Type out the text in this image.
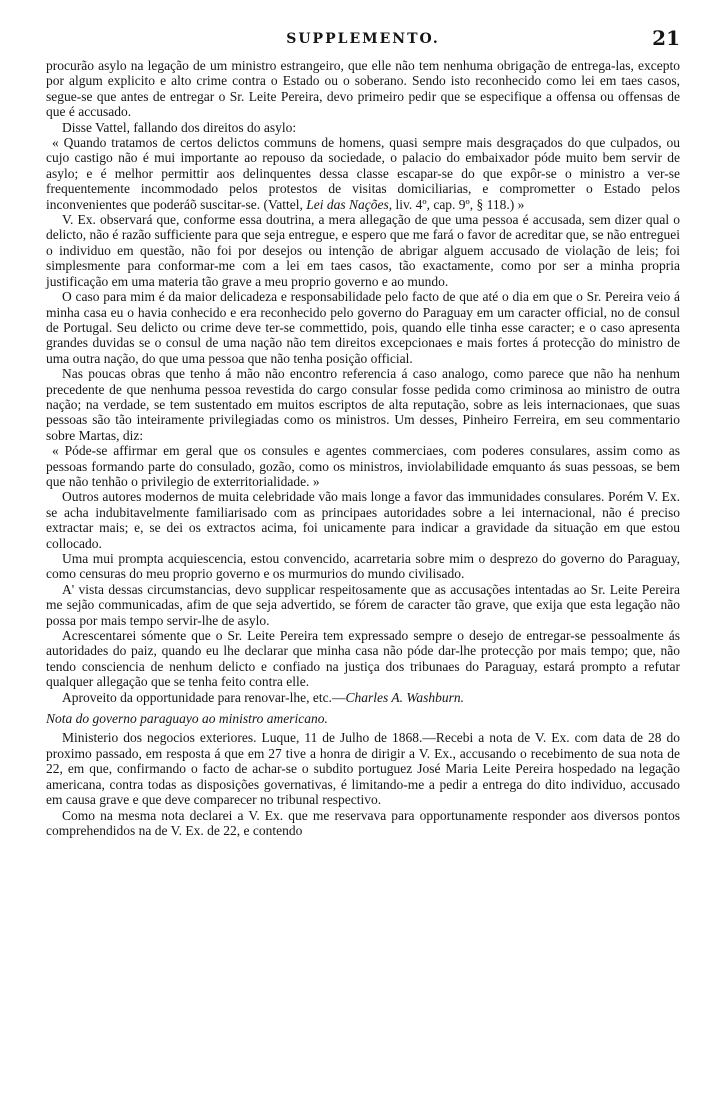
SUPPLEMENTO.	21

procurão asylo na legação de um ministro estrangeiro, que elle não tem nenhuma obrigação de entrega-las, excepto por algum explicito e alto crime contra o Estado ou o soberano. Sendo isto reconhecido como lei em taes casos, segue-se que antes de entregar o Sr. Leite Pereira, devo primeiro pedir que se especifique a offensa ou offensas de que é accusado.

Disse Vattel, fallando dos direitos do asylo:

« Quando tratamos de certos delictos communs de homens, quasi sempre mais desgraçados do que culpados, ou cujo castigo não é mui importante ao repouso da sociedade, o palacio do embaixador póde muito bem servir de asylo; e é melhor permittir aos delinquentes dessa classe escapar-se do que expôr-se o ministro a ver-se frequentemente incommodado pelos protestos de visitas domiciliarias, e comprometter o Estado pelos inconvenientes que poderáõ suscitar-se. (Vattel, Lei das Nações, liv. 4º, cap. 9º, § 118.) »

V. Ex. observará que, conforme essa doutrina, a mera allegação de que uma pessoa é accusada, sem dizer qual o delicto, não é razão sufficiente para que seja entregue, e espero que me fará o favor de acreditar que, se não entreguei o individuo em questão, não foi por desejos ou intenção de abrigar alguem accusado de violação de leis; foi simplesmente para conformar-me com a lei em taes casos, tão exactamente, como por ser a minha propria justificação em uma materia tão grave a meu proprio governo e ao mundo.

O caso para mim é da maior delicadeza e responsabilidade pelo facto de que até o dia em que o Sr. Pereira veio á minha casa eu o havia conhecido e era reconhecido pelo governo do Paraguay em um caracter official, no de consul de Portugal. Seu delicto ou crime deve ter-se commettido, pois, quando elle tinha esse caracter; e o caso apresenta grandes duvidas se o consul de uma nação não tem direitos excepcionaes e mais fortes á protecção do ministro de uma outra nação, do que uma pessoa que não tenha posição official.

Nas poucas obras que tenho á mão não encontro referencia á caso analogo, como parece que não ha nenhum precedente de que nenhuma pessoa revestida do cargo consular fosse pedida como criminosa ao ministro de outra nação; na verdade, se tem sustentado em muitos escriptos de alta reputação, sobre as leis internacionaes, que suas pessoas são tão inteiramente privilegiadas como os ministros. Um desses, Pinheiro Ferreira, em seu commentario sobre Martas, diz:

« Póde-se affirmar em geral que os consules e agentes commerciaes, com poderes consulares, assim como as pessoas formando parte do consulado, gozão, como os ministros, inviolabilidade emquanto ás suas pessoas, se bem que não tenhão o privilegio de exterritorialidade. »

Outros autores modernos de muita celebridade vão mais longe a favor das immunidades consulares. Porém V. Ex. se acha indubitavelmente familiarisado com as principaes autoridades sobre a lei internacional, não é preciso extractar mais; e, se dei os extractos acima, foi unicamente para indicar a gravidade da situação em que estou collocado.

Uma mui prompta acquiescencia, estou convencido, acarretaria sobre mim o desprezo do governo do Paraguay, como censuras do meu proprio governo e os murmurios do mundo civilisado.

A' vista dessas circumstancias, devo supplicar respeitosamente que as accusações intentadas ao Sr. Leite Pereira me sejão communicadas, afim de que seja advertido, se fórem de caracter tão grave, que exija que esta legação não possa por mais tempo servir-lhe de asylo.

Acrescentarei sómente que o Sr. Leite Pereira tem expressado sempre o desejo de entregar-se pessoalmente ás autoridades do paiz, quando eu lhe declarar que minha casa não póde dar-lhe protecção por mais tempo; que, não tendo consciencia de nenhum delicto e confiado na justiça dos tribunaes do Paraguay, estará prompto a refutar qualquer allegação que se tenha feito contra elle.

Aproveito da opportunidade para renovar-lhe, etc.—Charles A. Washburn.

Nota do governo paraguayo ao ministro americano.

Ministerio dos negocios exteriores. Luque, 11 de Julho de 1868.—Recebi a nota de V. Ex. com data de 28 do proximo passado, em resposta á que em 27 tive a honra de dirigir a V. Ex., accusando o recebimento de sua nota de 22, em que, confirmando o facto de achar-se o subdito portuguez José Maria Leite Pereira hospedado na legação americana, contra todas as disposições governativas, é limitando-me a pedir a entrega do dito individuo, accusado em causa grave e que deve comparecer no tribunal respectivo.

Como na mesma nota declarei a V. Ex. que me reservava para opportunamente responder aos diversos pontos comprehendidos na de V. Ex. de 22, e contendo
